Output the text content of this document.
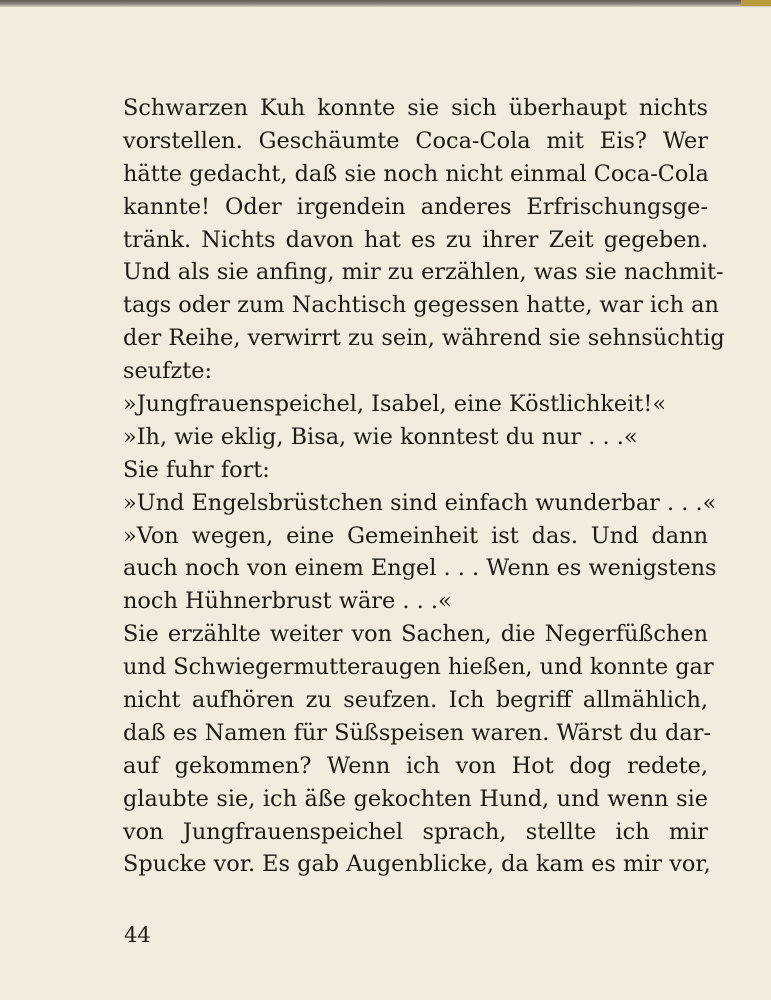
Schwarzen Kuh konnte sie sich überhaupt nichts
vorstellen. Geschäumte Coca-Cola mit Eis? Wer
hätte gedacht, daß sie noch nicht einmal Coca-Cola
kannte! Oder irgendein anderes Erfrischungsge-
tränk. Nichts davon hat es zu ihrer Zeit gegeben.
Und als sie anfing, mir zu erzählen, was sie nachmit-
tags oder zum Nachtisch gegessen hatte, war ich an
der Reihe, verwirrt zu sein, während sie sehnsüchtig
seufzte:
»Jungfrauenspeichel, Isabel, eine Köstlichkeit!«
»Ih, wie eklig, Bisa, wie konntest du nur . . .«
Sie fuhr fort:
»Und Engelsbrüstchen sind einfach wunderbar . . .«
»Von wegen, eine Gemeinheit ist das. Und dann
auch noch von einem Engel . . . Wenn es wenigstens
noch Hühnerbrust wäre . . .«
Sie erzählte weiter von Sachen, die Negerfüßchen
und Schwiegermutteraugen hießen, und konnte gar
nicht aufhören zu seufzen. Ich begriff allmählich,
daß es Namen für Süßspeisen waren. Wärst du dar-
auf gekommen? Wenn ich von Hot dog redete,
glaubte sie, ich äße gekochten Hund, und wenn sie
von Jungfrauenspeichel sprach, stellte ich mir
Spucke vor. Es gab Augenblicke, da kam es mir vor,
44
